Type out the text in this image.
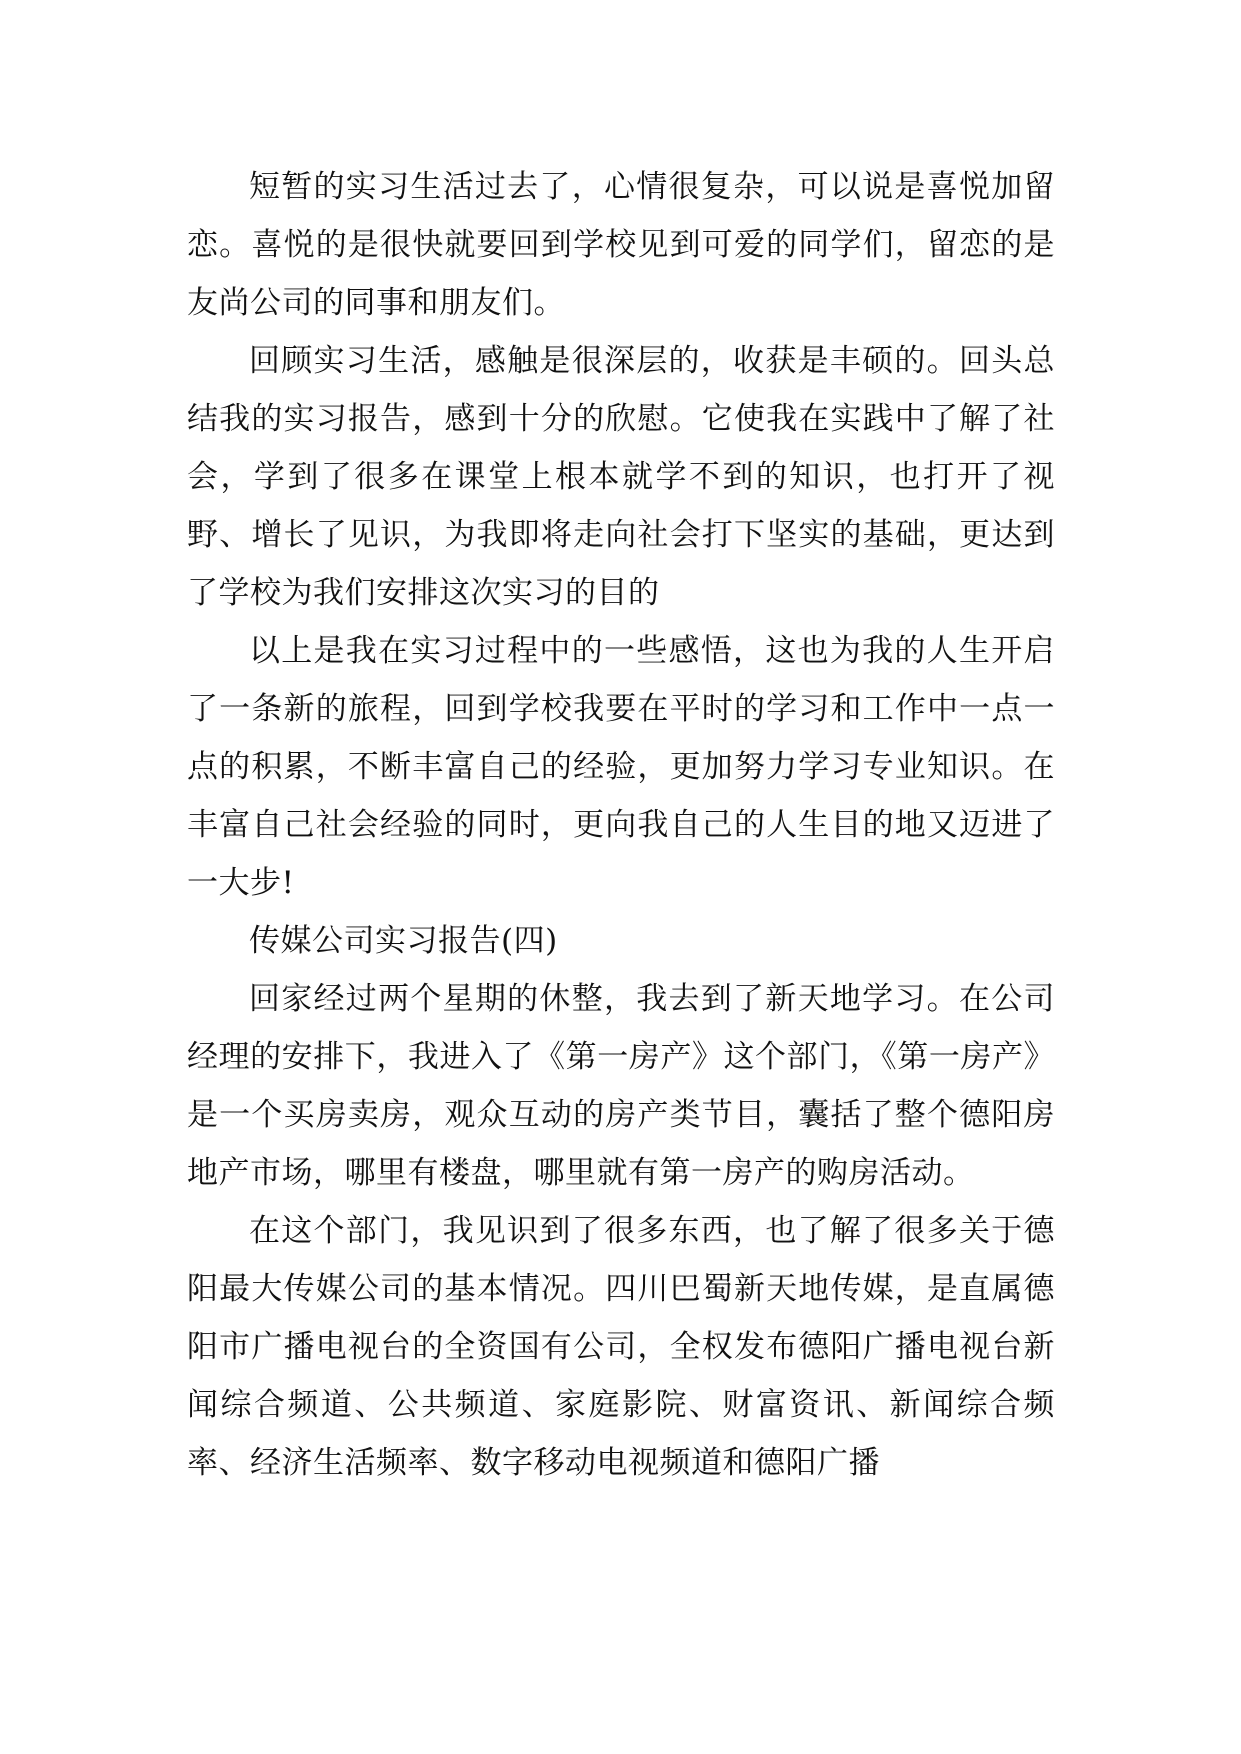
短暂的实习生活过去了，心情很复杂，可以说是喜悦加留恋。喜悦的是很快就要回到学校见到可爱的同学们，留恋的是友尚公司的同事和朋友们。

回顾实习生活，感触是很深层的，收获是丰硕的。回头总结我的实习报告，感到十分的欣慰。它使我在实践中了解了社会，学到了很多在课堂上根本就学不到的知识，也打开了视野、增长了见识，为我即将走向社会打下坚实的基础，更达到了学校为我们安排这次实习的目的

以上是我在实习过程中的一些感悟，这也为我的人生开启了一条新的旅程，回到学校我要在平时的学习和工作中一点一点的积累，不断丰富自己的经验，更加努力学习专业知识。在丰富自己社会经验的同时，更向我自己的人生目的地又迈进了一大步!

传媒公司实习报告(四)

回家经过两个星期的休整，我去到了新天地学习。在公司经理的安排下，我进入了《第一房产》这个部门，《第一房产》是一个买房卖房，观众互动的房产类节目，囊括了整个德阳房地产市场，哪里有楼盘，哪里就有第一房产的购房活动。

在这个部门，我见识到了很多东西，也了解了很多关于德阳最大传媒公司的基本情况。四川巴蜀新天地传媒，是直属德阳市广播电视台的全资国有公司，全权发布德阳广播电视台新闻综合频道、公共频道、家庭影院、财富资讯、新闻综合频率、经济生活频率、数字移动电视频道和德阳广播
